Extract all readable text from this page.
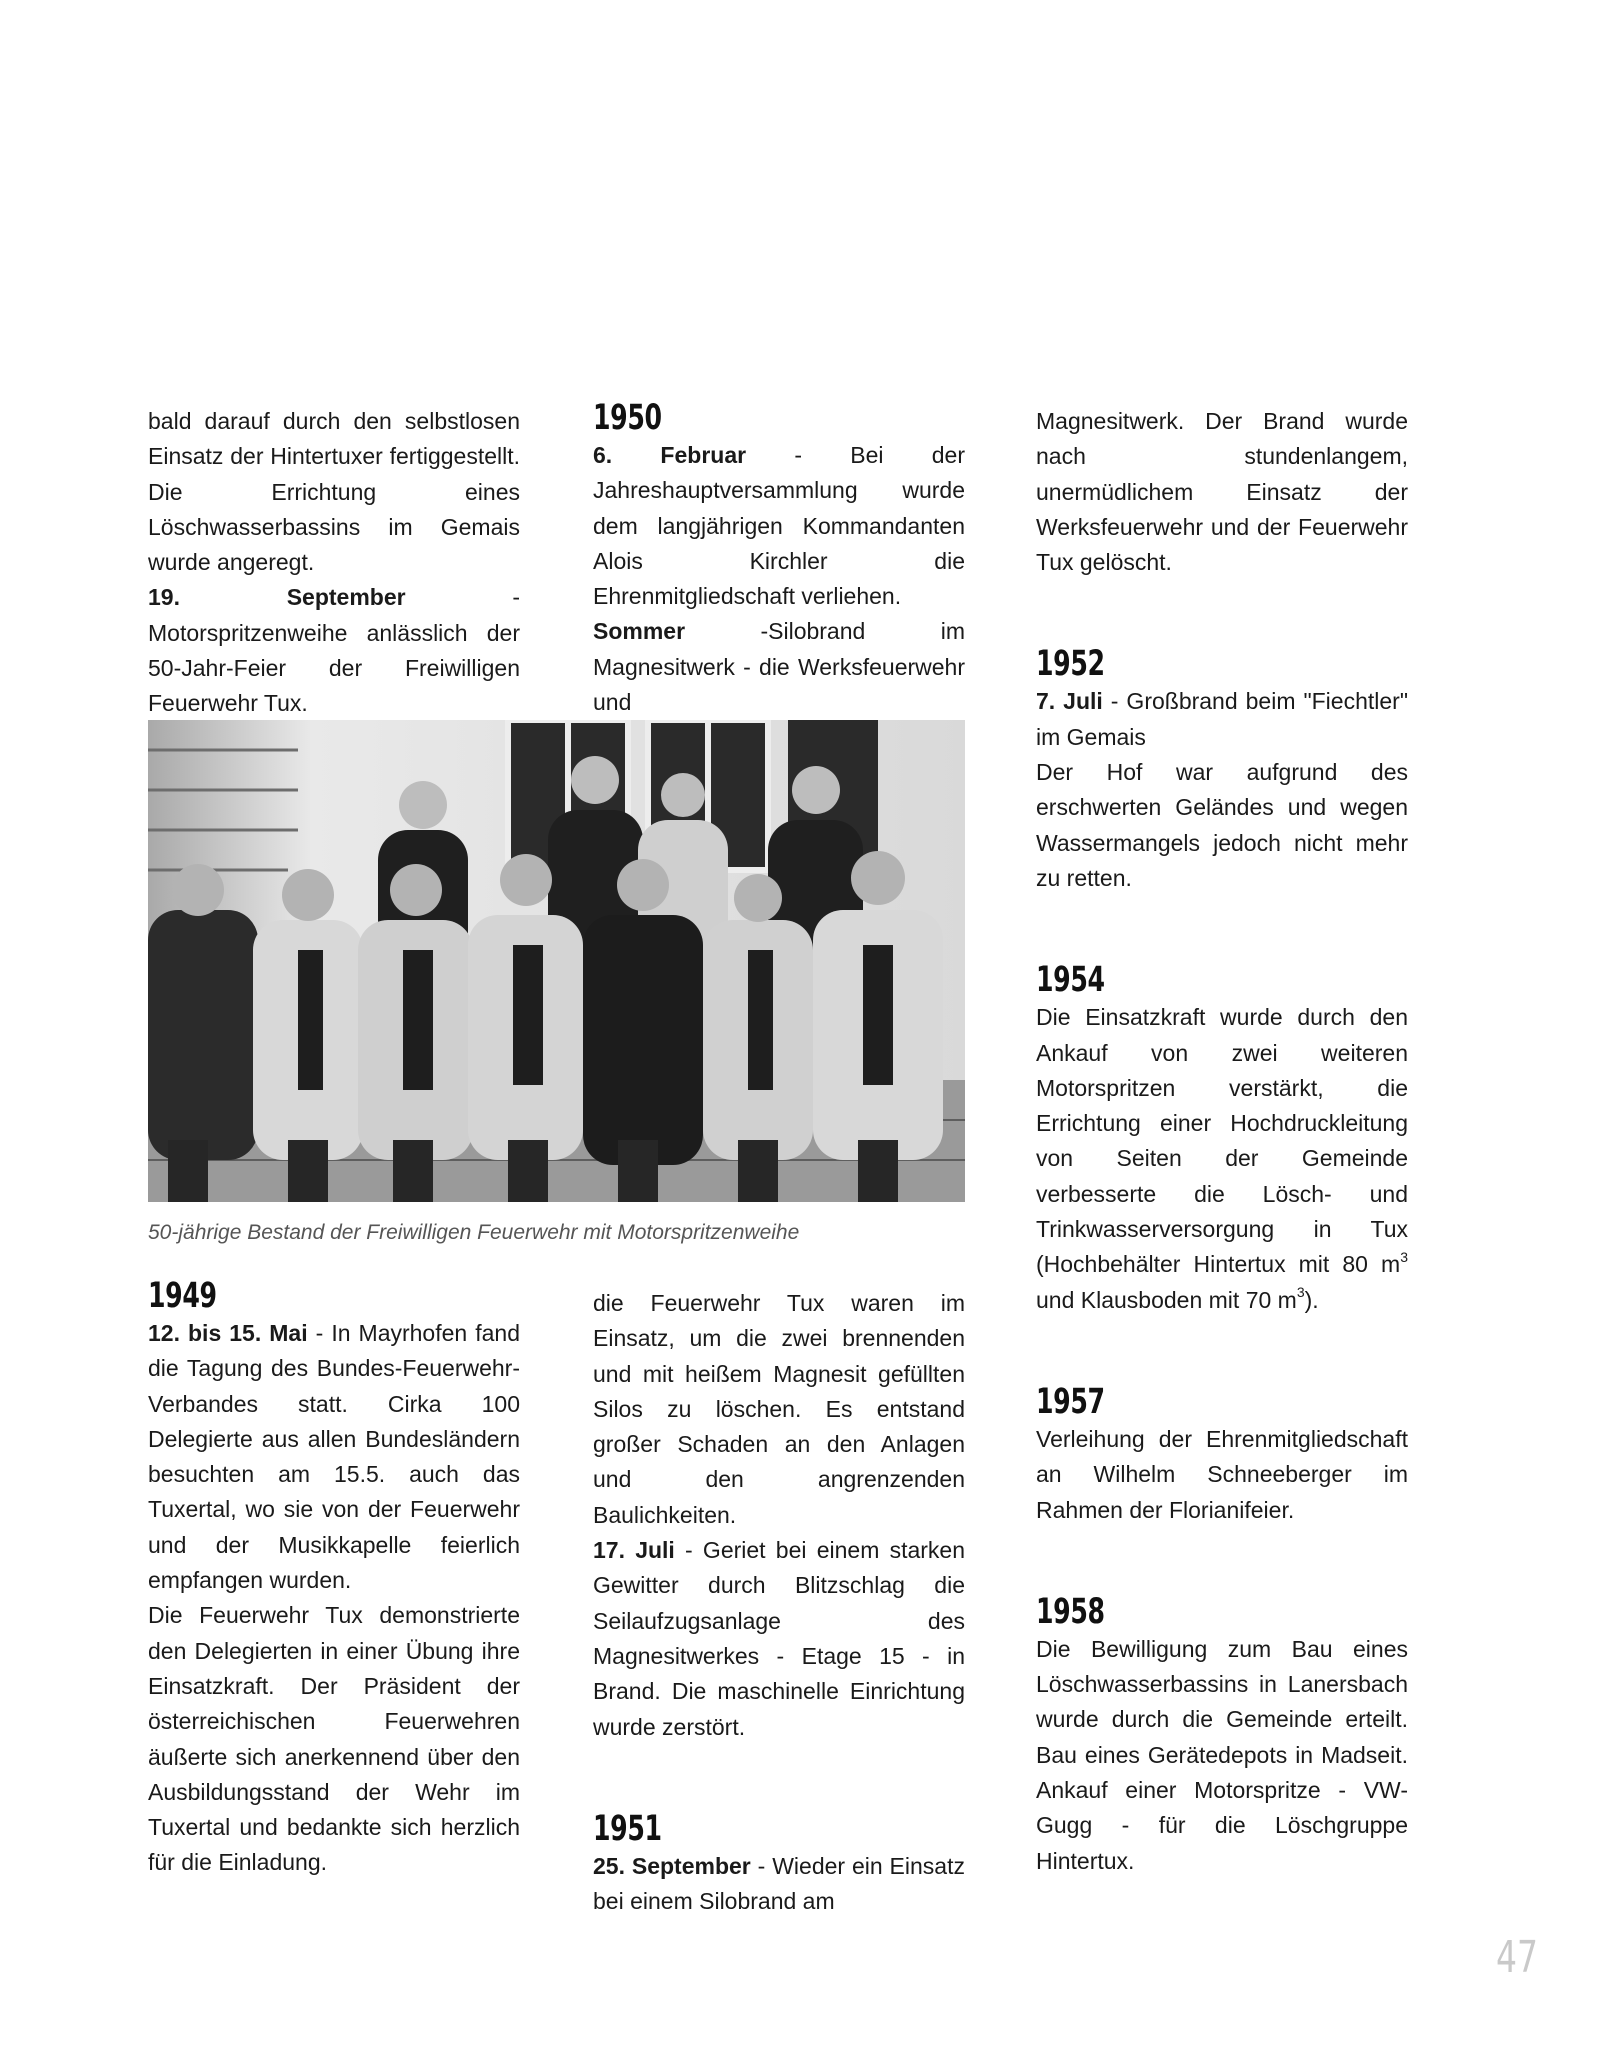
bald darauf durch den selbstlosen Einsatz der Hintertuxer fertiggestellt. Die Errichtung eines Löschwasserbassins im Gemais wurde angeregt.

19. September - Motorspritzenweihe anlässlich der 50-Jahr-Feier der Freiwilligen Feuerwehr Tux.

1950

6. Februar - Bei der Jahreshauptversammlung wurde dem langjährigen Kommandanten Alois Kirchler die Ehrenmitgliedschaft verliehen.

Sommer -Silobrand im Magnesitwerk - die Werksfeuerwehr und

50-jährige Bestand der Freiwilligen Feuerwehr mit Motorspritzenweihe
1949

12. bis 15. Mai - In Mayrhofen fand die Tagung des Bundes-Feuerwehr-Verbandes statt. Cirka 100 Delegierte aus allen Bundesländern besuchten am 15.5. auch das Tuxertal, wo sie von der Feuerwehr und der Musikkapelle feierlich empfangen wurden.

Die Feuerwehr Tux demonstrierte den Delegierten in einer Übung ihre Einsatzkraft. Der Präsident der österreichischen Feuerwehren äußerte sich anerkennend über den Ausbildungsstand der Wehr im Tuxertal und bedankte sich herzlich für die Einladung.

die Feuerwehr Tux waren im Einsatz, um die zwei brennenden und mit heißem Magnesit gefüllten Silos zu löschen. Es entstand großer Schaden an den Anlagen und den angrenzenden Baulichkeiten.

17. Juli - Geriet bei einem starken Gewitter durch Blitzschlag die Seilaufzugsanlage des Magnesitwerkes - Etage 15 - in Brand. Die maschinelle Einrichtung wurde zerstört.

1951

25. September - Wieder ein Einsatz bei einem Silobrand am

Magnesitwerk. Der Brand wurde nach stundenlangem, unermüdlichem Einsatz der Werksfeuerwehr und der Feuerwehr Tux gelöscht.

1952

7. Juli - Großbrand beim "Fiechtler" im Gemais

Der Hof war aufgrund des erschwerten Geländes und wegen Wassermangels jedoch nicht mehr zu retten.

1954

Die Einsatzkraft wurde durch den Ankauf von zwei weiteren Motorspritzen verstärkt, die Errichtung einer Hochdruckleitung von Seiten der Gemeinde verbesserte die Lösch- und Trinkwasserversorgung in Tux (Hochbehälter Hintertux mit 80 $m^3$ und Klausboden mit 70 $m^3$).

1957

Verleihung der Ehrenmitgliedschaft an Wilhelm Schneeberger im Rahmen der Florianifeier.

1958

Die Bewilligung zum Bau eines Löschwasserbassins in Lanersbach wurde durch die Gemeinde erteilt. Bau eines Gerätedepots in Madseit. Ankauf einer Motorspritze - VW-Gugg - für die Löschgruppe Hintertux.

47
